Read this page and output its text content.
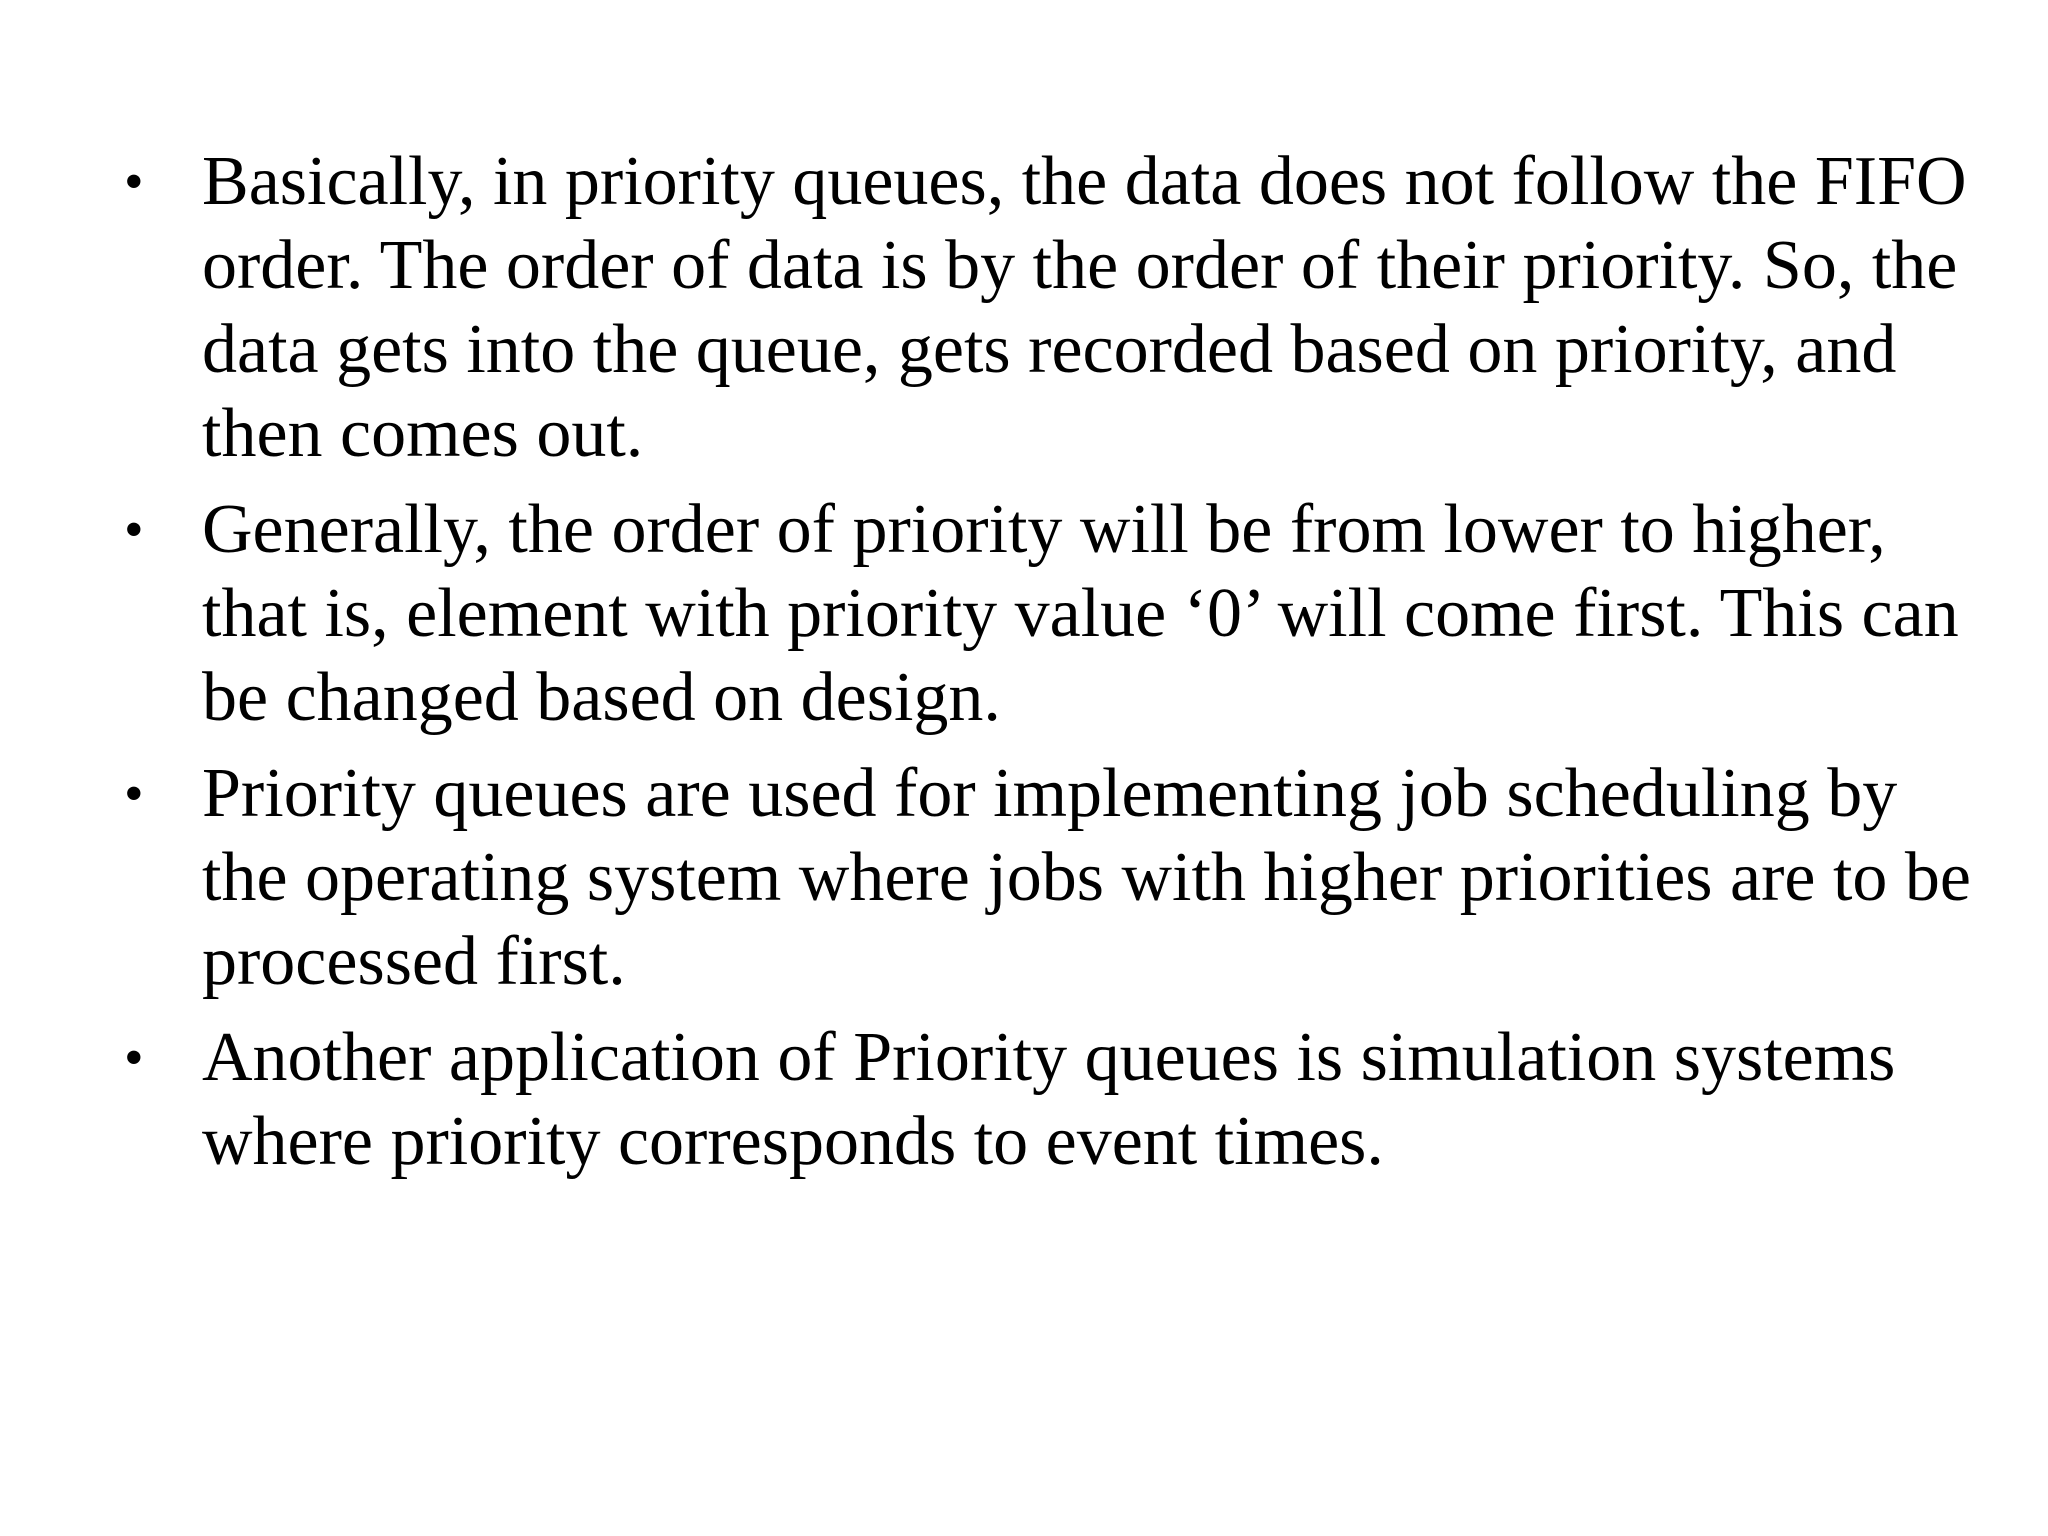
• Basically, in priority queues, the data does not follow the FIFO order. The order of data is by the order of their priority. So, the data gets into the queue, gets recorded based on priority, and then comes out.
• Generally, the order of priority will be from lower to higher, that is, element with priority value ‘0’ will come first. This can be changed based on design.
• Priority queues are used for implementing job scheduling by the operating system where jobs with higher priorities are to be processed first.
• Another application of Priority queues is simulation systems where priority corresponds to event times.
